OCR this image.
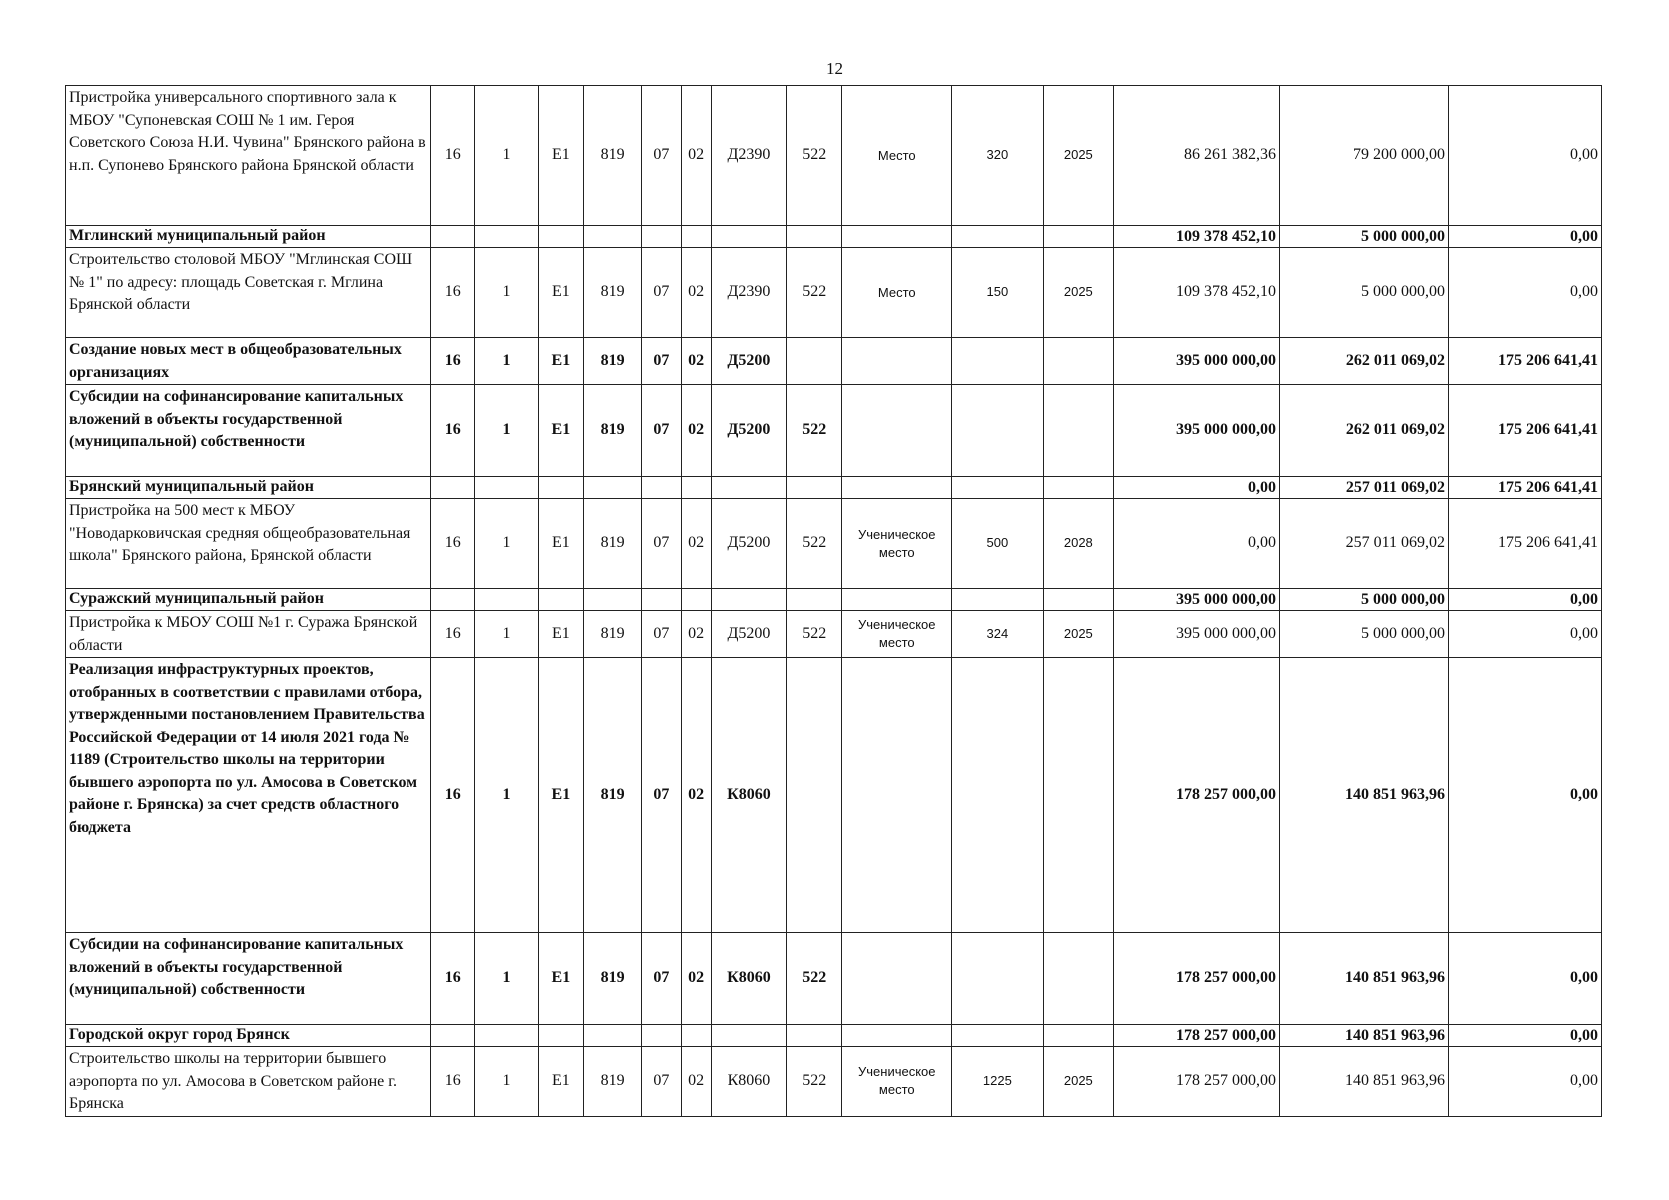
12
Пристройка универсального спортивного зала к МБОУ "Супоневская СОШ № 1 им. Героя Советского Союза Н.И. Чувина" Брянского района в н.п. Супонево Брянского района Брянской области	16	1	Е1	819	07	02	Д2390	522	Место	320	2025	86 261 382,36	79 200 000,00	0,00
Мглинский муниципальный район												109 378 452,10	5 000 000,00	0,00
Строительство столовой МБОУ "Мглинская СОШ № 1" по адресу: площадь Советская г. Мглина Брянской области	16	1	Е1	819	07	02	Д2390	522	Место	150	2025	109 378 452,10	5 000 000,00	0,00
Создание новых мест в общеобразовательных организациях	16	1	Е1	819	07	02	Д5200					395 000 000,00	262 011 069,02	175 206 641,41
Субсидии на софинансирование капитальных вложений в объекты государственной (муниципальной) собственности	16	1	Е1	819	07	02	Д5200	522				395 000 000,00	262 011 069,02	175 206 641,41
Брянский муниципальный район												0,00	257 011 069,02	175 206 641,41
Пристройка на 500 мест к МБОУ "Новодарковичская средняя общеобразовательная школа" Брянского района, Брянской области	16	1	Е1	819	07	02	Д5200	522	Ученическое место	500	2028	0,00	257 011 069,02	175 206 641,41
Суражский муниципальный район												395 000 000,00	5 000 000,00	0,00
Пристройка к МБОУ СОШ №1 г. Суража Брянской области	16	1	Е1	819	07	02	Д5200	522	Ученическое место	324	2025	395 000 000,00	5 000 000,00	0,00
Реализация инфраструктурных проектов, отобранных в соответствии с правилами отбора, утвержденными постановлением Правительства Российской Федерации от 14 июля 2021 года № 1189 (Строительство школы на территории бывшего аэропорта по ул. Амосова в Советском районе г. Брянска) за счет средств областного бюджета	16	1	Е1	819	07	02	К8060					178 257 000,00	140 851 963,96	0,00
Субсидии на софинансирование капитальных вложений в объекты государственной (муниципальной) собственности	16	1	Е1	819	07	02	К8060	522				178 257 000,00	140 851 963,96	0,00
Городской округ город Брянск												178 257 000,00	140 851 963,96	0,00
Строительство школы на территории бывшего аэропорта по ул. Амосова в Советском районе г. Брянска	16	1	Е1	819	07	02	К8060	522	Ученическое место	1225	2025	178 257 000,00	140 851 963,96	0,00
